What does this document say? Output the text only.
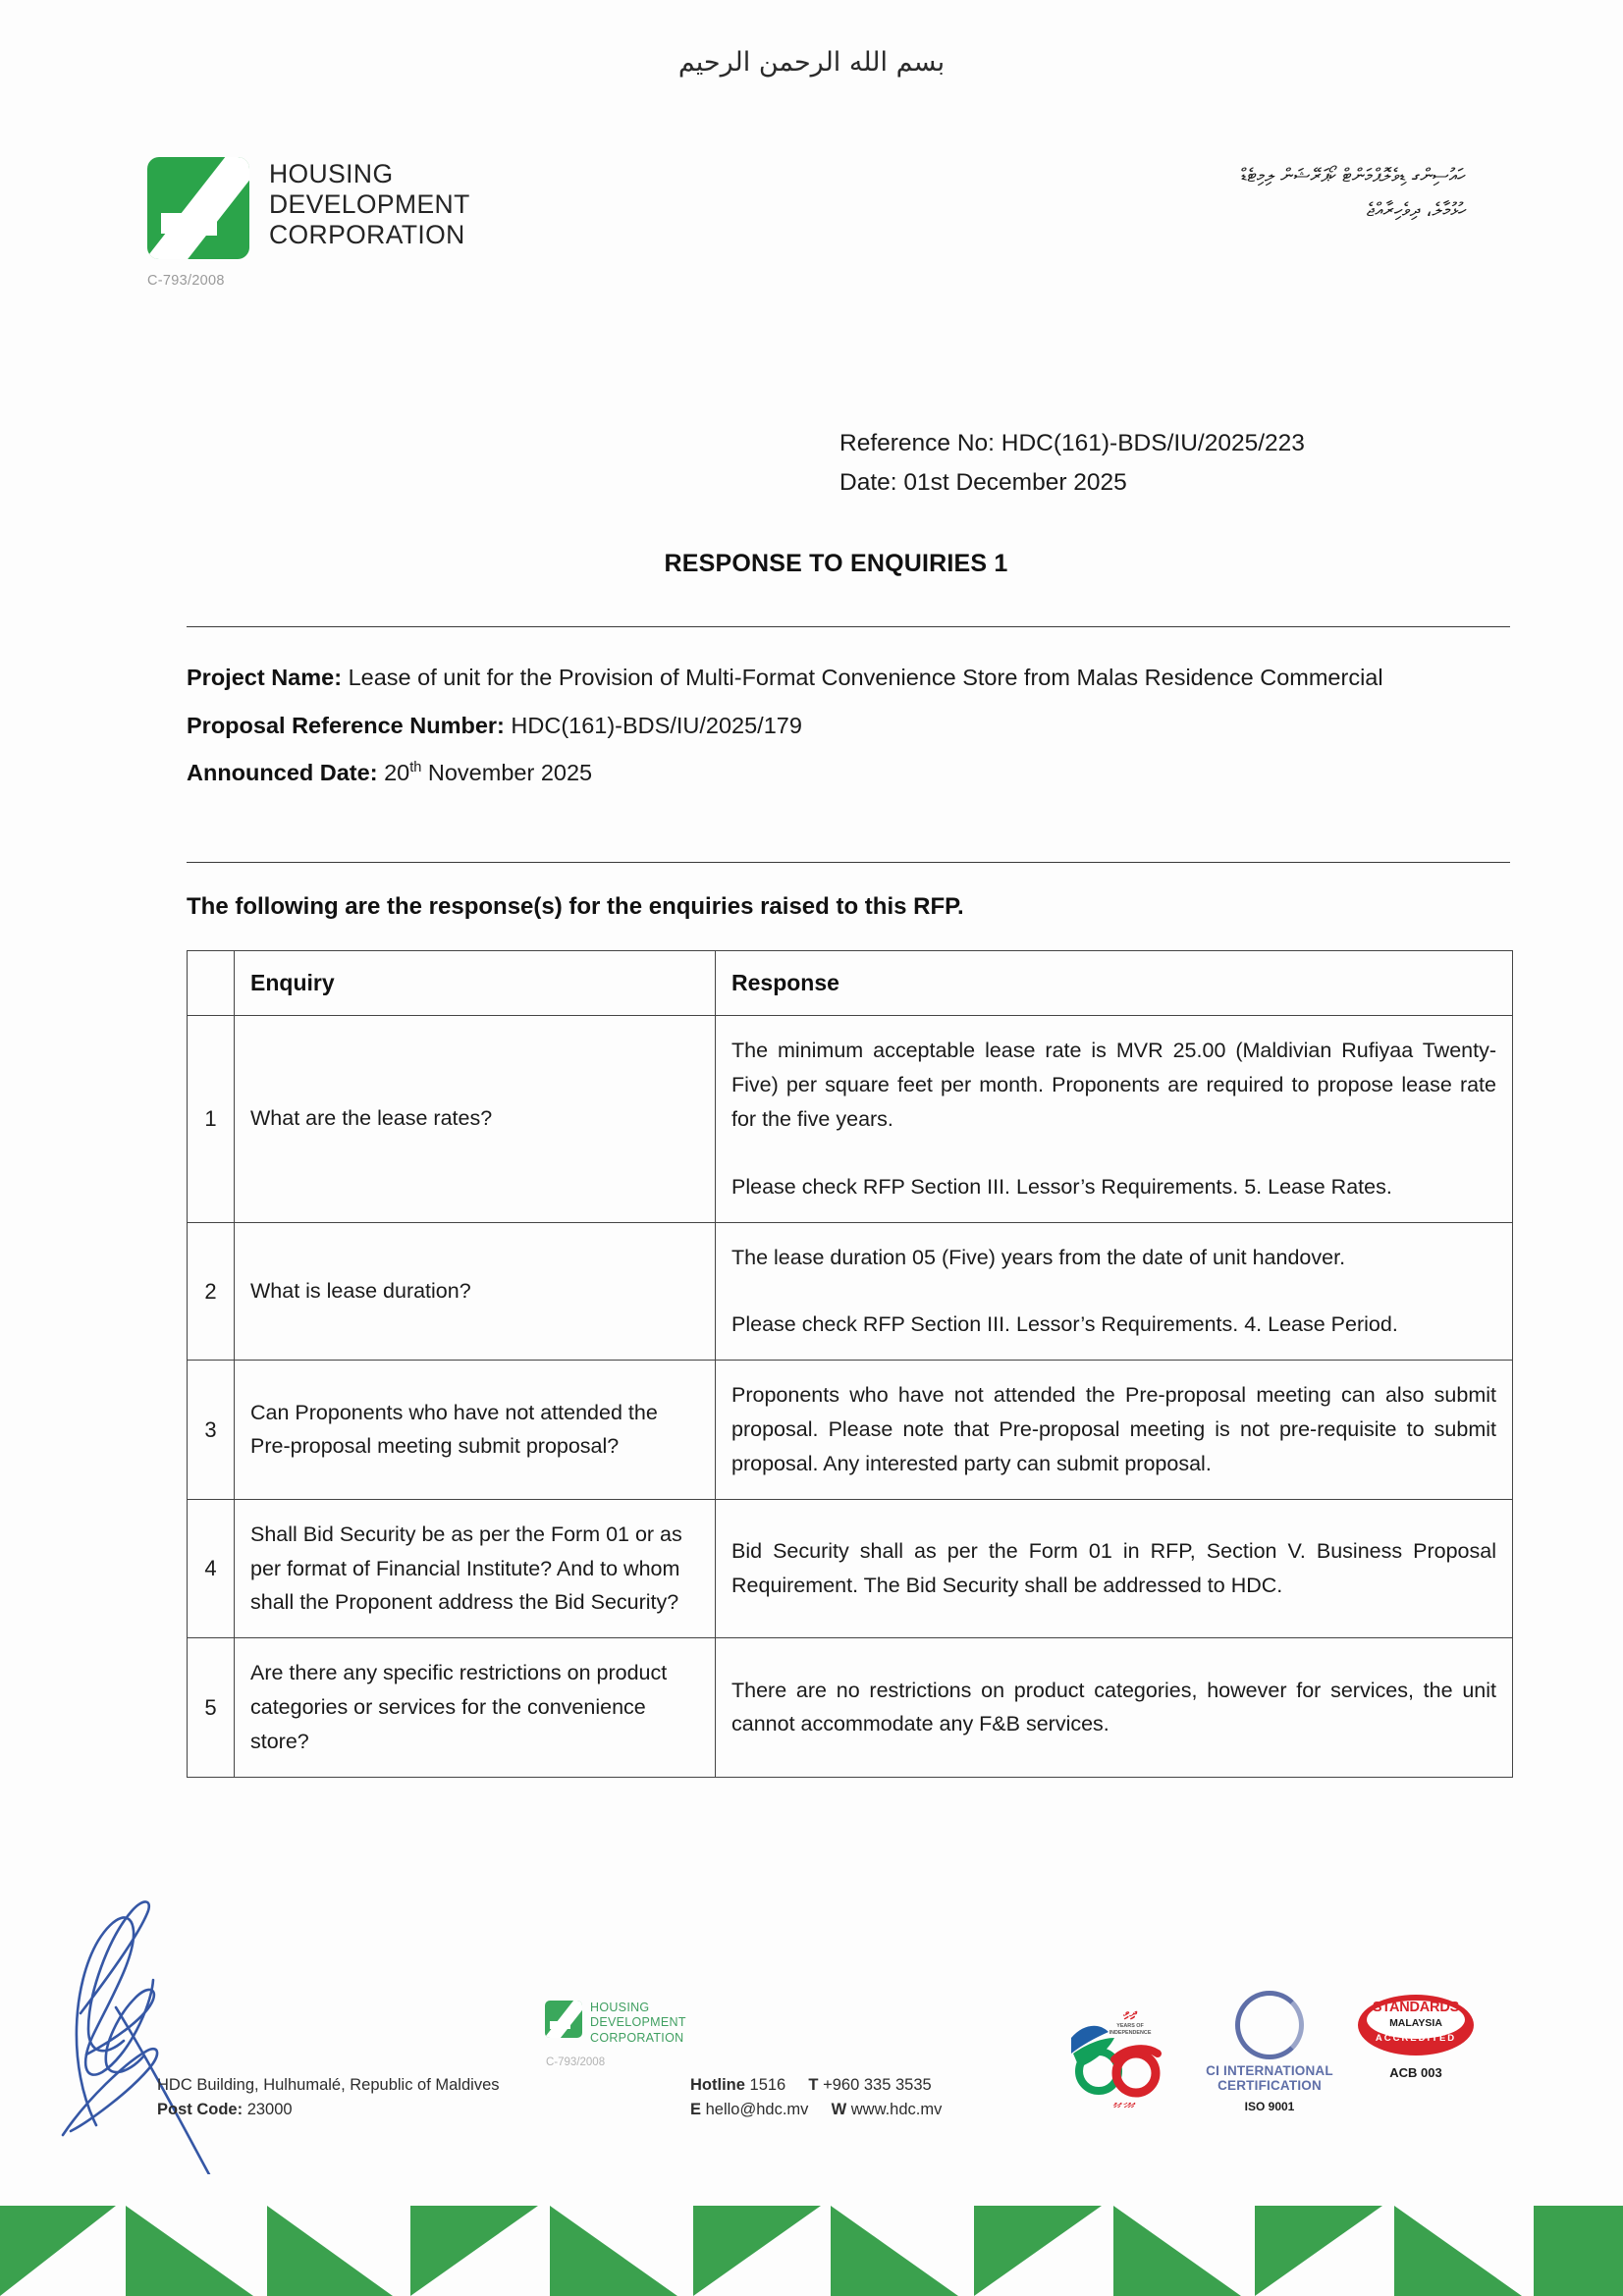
بسم الله الرحمن الرحيم
HOUSING
DEVELOPMENT
CORPORATION
C-793/2008
ހައުސިންގ ޑިވެލޮޕްމަންޓް ކޯޕަރޭޝަން ލިމިޓެޑް
ހުޅުމާލެ، ދިވެހިރާއްޖެ
Reference No: HDC(161)-BDS/IU/2025/223
Date: 01st December 2025
RESPONSE TO ENQUIRIES 1
Project Name: Lease of unit for the Provision of Multi-Format Convenience Store from Malas Residence Commercial
Proposal Reference Number: HDC(161)-BDS/IU/2025/179
Announced Date: 20th November 2025
The following are the response(s) for the enquiries raised to this RFP.
	Enquiry	Response
1	What are the lease rates?	The minimum acceptable lease rate is MVR 25.00 (Maldivian Rufiyaa Twenty-Five) per square feet per month. Proponents are required to propose lease rate for the five years.

Please check RFP Section III. Lessor’s Requirements. 5. Lease Rates.

2	What is lease duration?	The lease duration 05 (Five) years from the date of unit handover.

Please check RFP Section III. Lessor’s Requirements. 4. Lease Period.

3	Can Proponents who have not attended the Pre-proposal meeting submit proposal?	Proponents who have not attended the Pre-proposal meeting can also submit proposal. Please note that Pre-proposal meeting is not pre-requisite to submit proposal. Any interested party can submit proposal.

4	Shall Bid Security be as per the Form 01 or as per format of Financial Institute? And to whom shall the Proponent address the Bid Security?	Bid Security shall as per the Form 01 in RFP, Section V. Business Proposal Requirement. The Bid Security shall be addressed to HDC.

5	Are there any specific restrictions on product categories or services for the convenience store?	There are no restrictions on product categories, however for services, the unit cannot accommodate any F&B services.

HOUSING
DEVELOPMENT
CORPORATION
C-793/2008
HDC Building, Hulhumalé, Republic of Maldives
Post Code: 23000
Hotline 1516 T +960 335 3535
E hello@hdc.mv W www.hdc.mv
ދިިވި
YEARS OF
INDEPENDENCE
ދިވިހި ދިވި
CI INTERNATIONAL
CERTIFICATION
ISO 9001
STANDARDS
MALAYSIA
ACCREDITED
ACB 003
